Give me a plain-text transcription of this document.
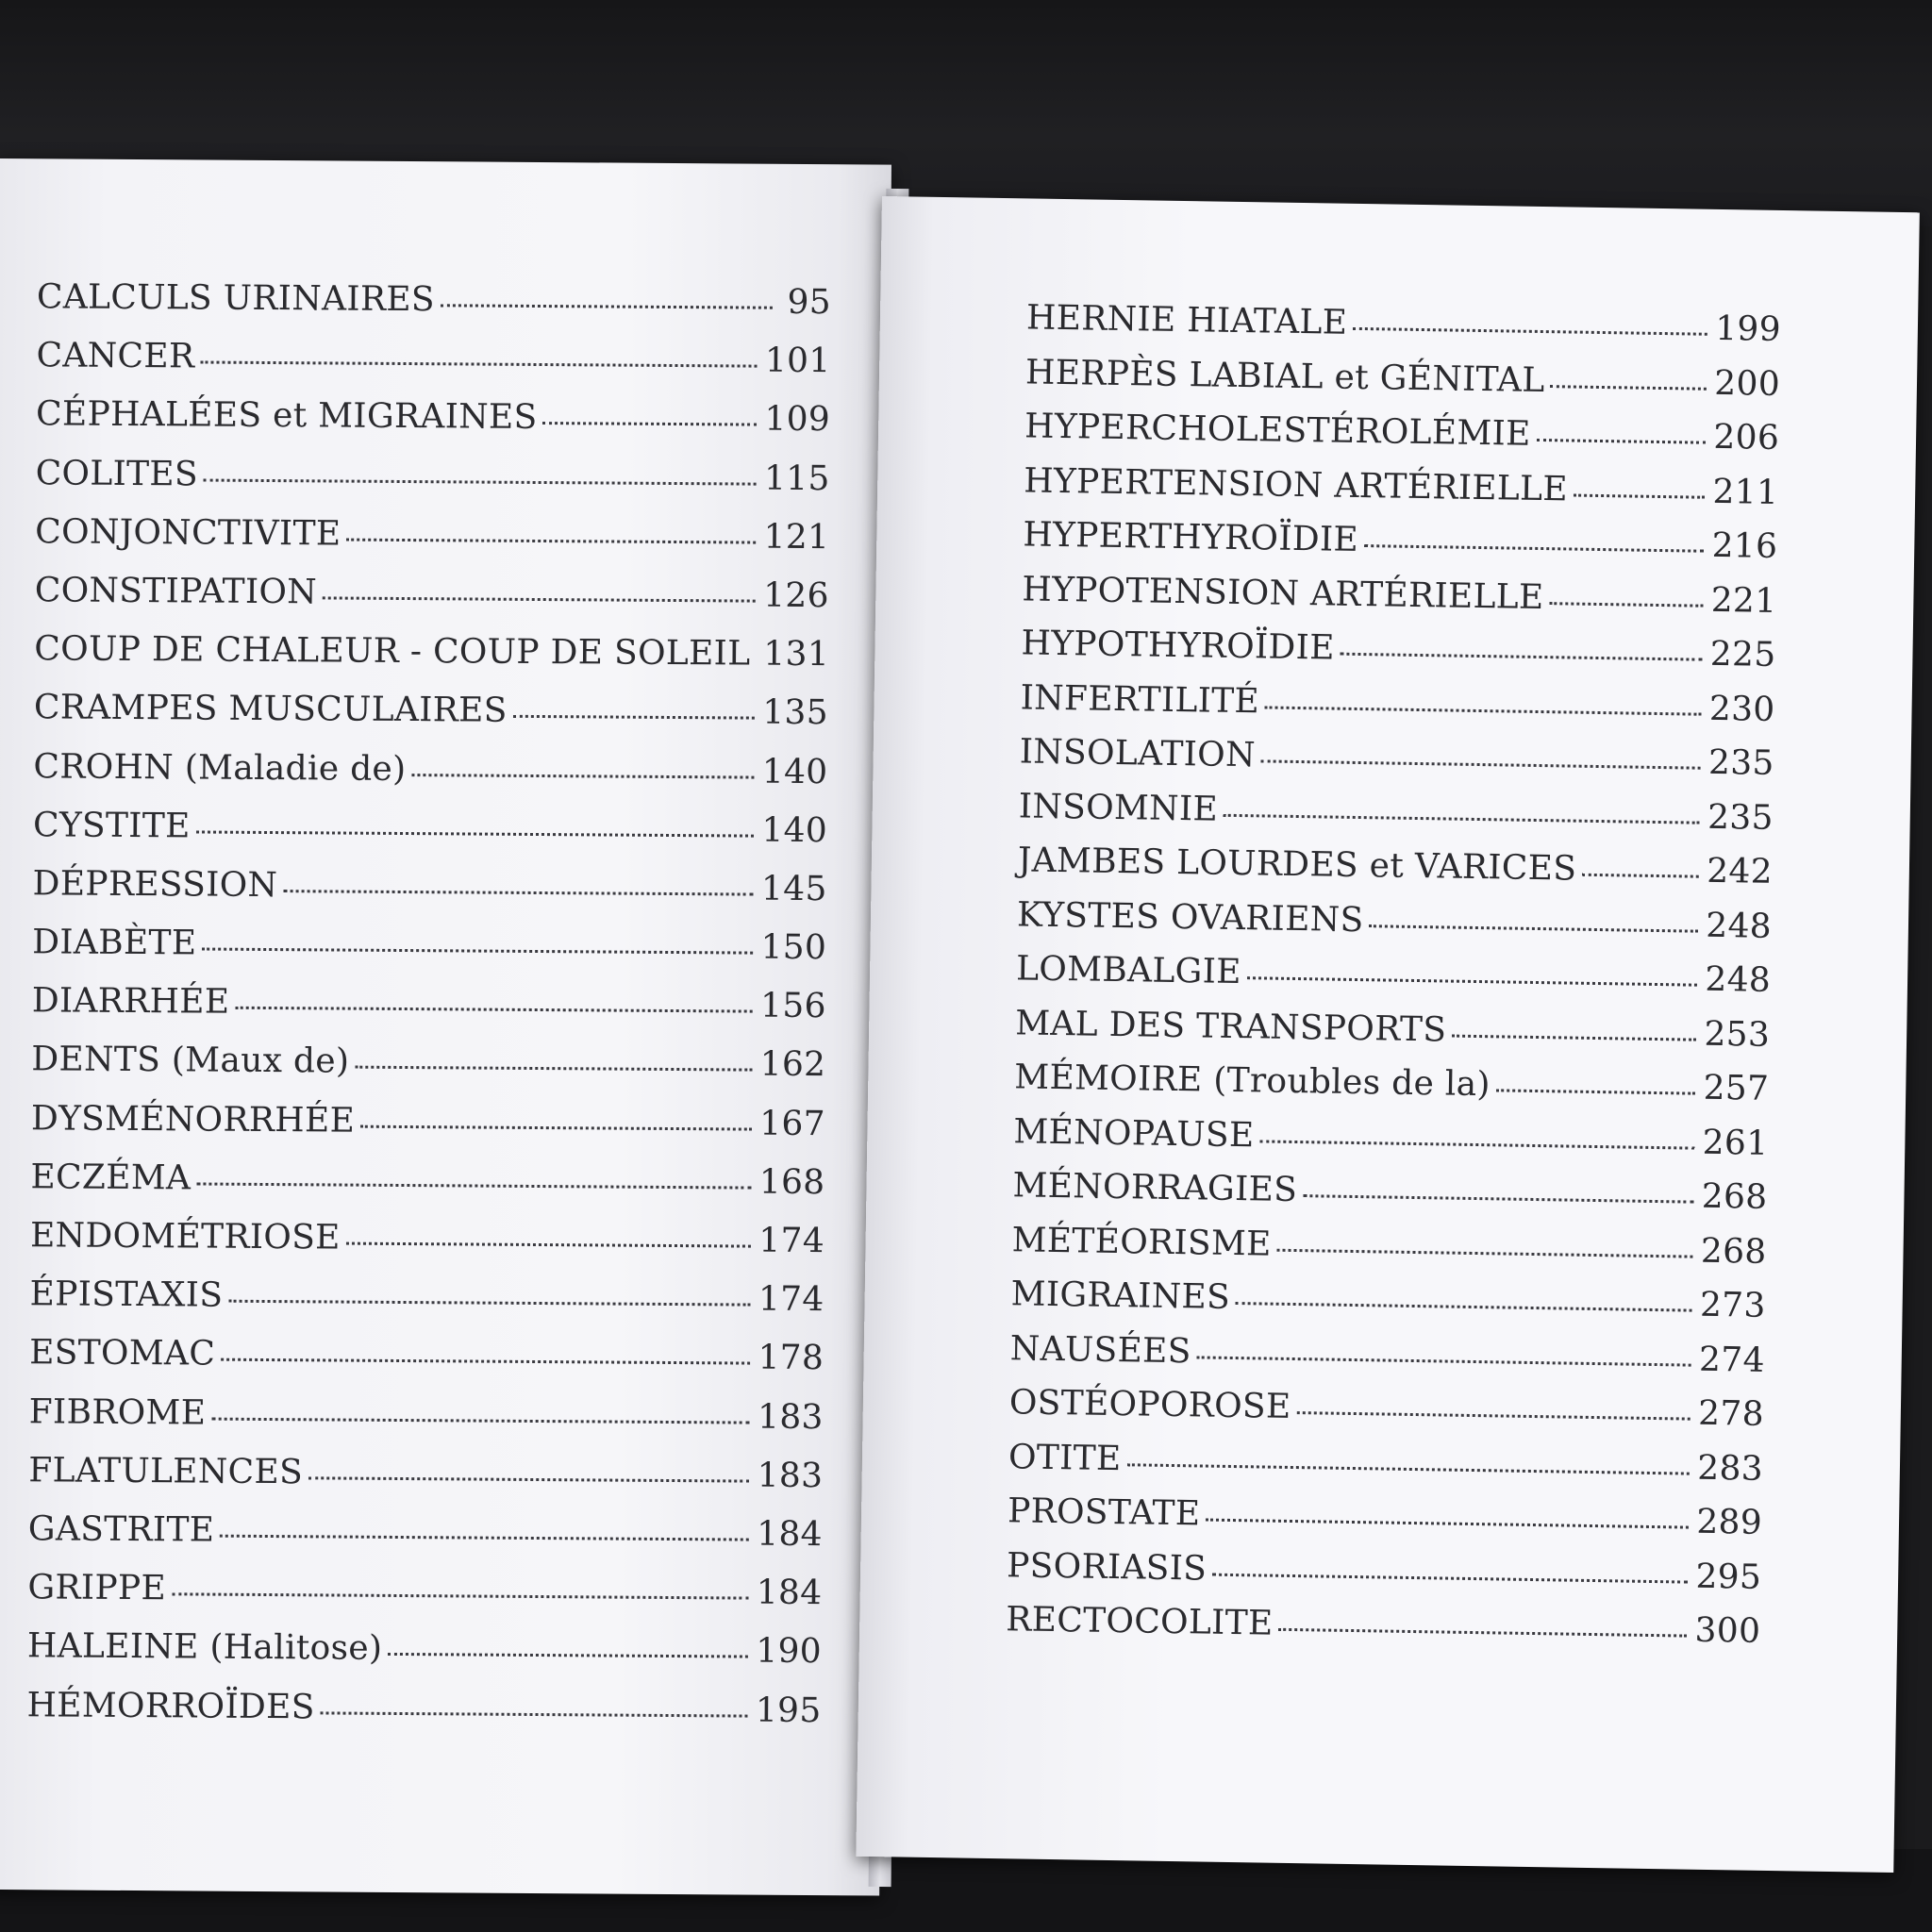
CALCULS URINAIRES	95
CANCER	101
CÉPHALÉES et MIGRAINES	109
COLITES	115
CONJONCTIVITE	121
CONSTIPATION	126
COUP DE CHALEUR - COUP DE SOLEIL 131
CRAMPES MUSCULAIRES	135
CROHN (Maladie de)	140
CYSTITE	140
DÉPRESSION	145
DIABÈTE	150
DIARRHÉE	156
DENTS (Maux de)	162
DYSMÉNORRHÉE	167
ECZÉMA	168
ENDOMÉTRIOSE	174
ÉPISTAXIS	174
ESTOMAC	178
FIBROME	183
FLATULENCES	183
GASTRITE	184
GRIPPE	184
HALEINE (Halitose)	190
HÉMORROÏDES	195
HERNIE HIATALE	199
HERPÈS LABIAL et GÉNITAL	200
HYPERCHOLESTÉROLÉMIE	206
HYPERTENSION ARTÉRIELLE	211
HYPERTHYROÏDIE	216
HYPOTENSION ARTÉRIELLE	221
HYPOTHYROÏDIE	225
INFERTILITÉ	230
INSOLATION	235
INSOMNIE	235
JAMBES LOURDES et VARICES	242
KYSTES OVARIENS	248
LOMBALGIE	248
MAL DES TRANSPORTS	253
MÉMOIRE (Troubles de la)	257
MÉNOPAUSE	261
MÉNORRAGIES	268
MÉTÉORISME	268
MIGRAINES	273
NAUSÉES	274
OSTÉOPOROSE	278
OTITE	283
PROSTATE	289
PSORIASIS	295
RECTOCOLITE	300
